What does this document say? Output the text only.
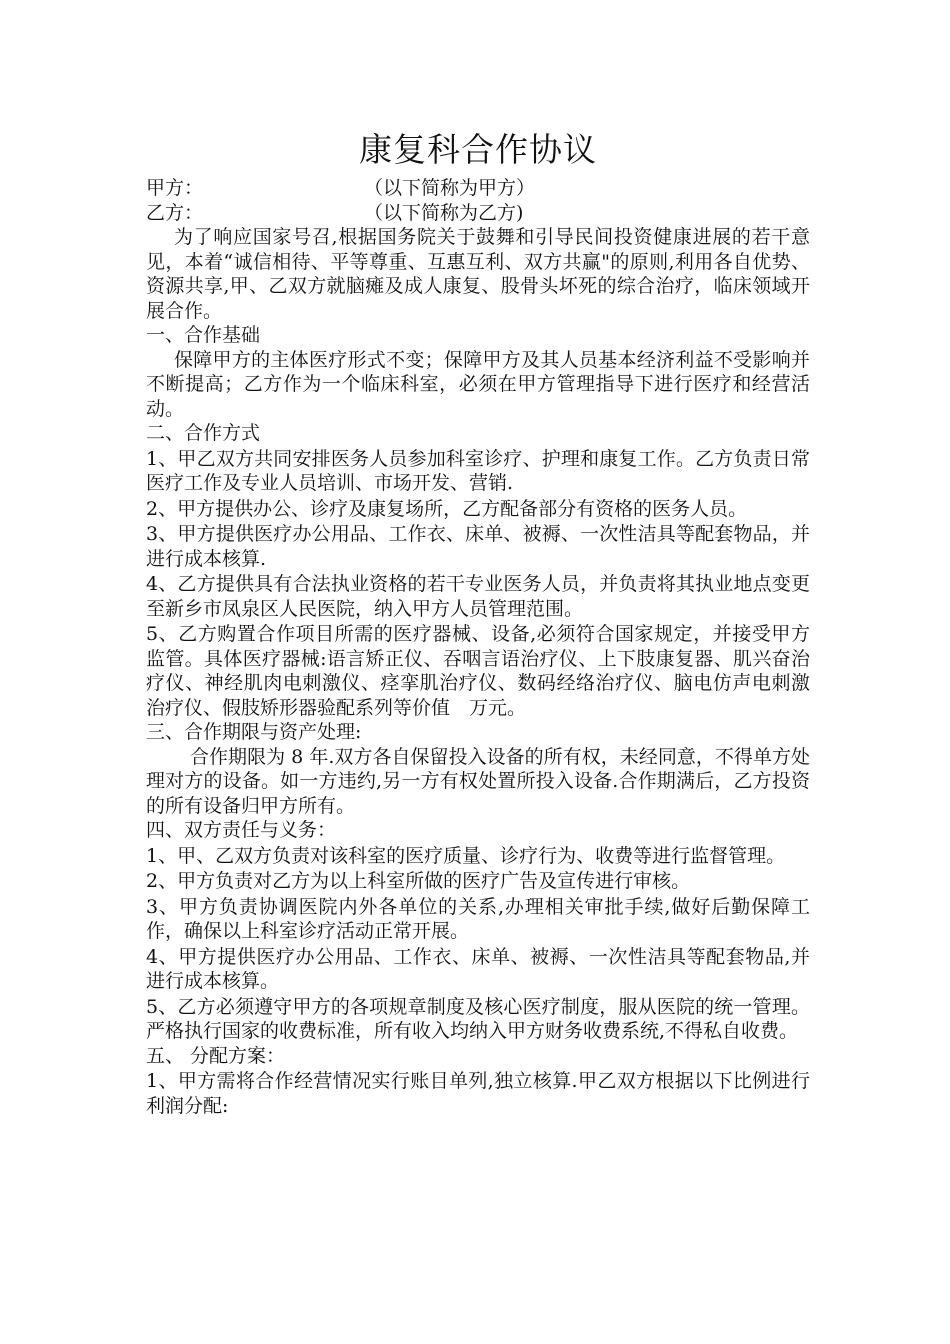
康复科合作协议
甲方：	（以下简称为甲方）
乙方：	（以下简称为乙方)

为了响应国家号召,根据国务院关于鼓舞和引导民间投资健康进展的若干意见，本着“诚信相待、平等尊重、互惠互利、双方共赢"的原则,利用各自优势、资源共享,甲、乙双方就脑瘫及成人康复、股骨头坏死的综合治疗，临床领域开展合作。

一、合作基础

保障甲方的主体医疗形式不变；保障甲方及其人员基本经济利益不受影响并不断提高；乙方作为一个临床科室，必须在甲方管理指导下进行医疗和经营活动。

二、合作方式

1、甲乙双方共同安排医务人员参加科室诊疗、护理和康复工作。乙方负责日常医疗工作及专业人员培训、市场开发、营销.

2、甲方提供办公、诊疗及康复场所，乙方配备部分有资格的医务人员。

3、甲方提供医疗办公用品、工作衣、床单、被褥、一次性洁具等配套物品，并进行成本核算.

4、乙方提供具有合法执业资格的若干专业医务人员，并负责将其执业地点变更至新乡市凤泉区人民医院，纳入甲方人员管理范围。

5、乙方购置合作项目所需的医疗器械、设备,必须符合国家规定，并接受甲方监管。具体医疗器械:语言矫正仪、吞咽言语治疗仪、上下肢康复器、肌兴奋治疗仪、神经肌肉电刺激仪、痉挛肌治疗仪、数码经络治疗仪、脑电仿声电刺激治疗仪、假肢矫形器验配系列等价值　万元。

三、合作期限与资产处理:

合作期限为 8 年.双方各自保留投入设备的所有权，未经同意，不得单方处理对方的设备。如一方违约,另一方有权处置所投入设备.合作期满后，乙方投资的所有设备归甲方所有。

四、双方责任与义务：

1、甲、乙双方负责对该科室的医疗质量、诊疗行为、收费等进行监督管理。

2、甲方负责对乙方为以上科室所做的医疗广告及宣传进行审核。

3、甲方负责协调医院内外各单位的关系,办理相关审批手续,做好后勤保障工作，确保以上科室诊疗活动正常开展。

4、甲方提供医疗办公用品、工作衣、床单、被褥、一次性洁具等配套物品,并进行成本核算。

5、乙方必须遵守甲方的各项规章制度及核心医疗制度，服从医院的统一管理。严格执行国家的收费标准，所有收入均纳入甲方财务收费系统,不得私自收费。

五、 分配方案：

1、甲方需将合作经营情况实行账目单列,独立核算.甲乙双方根据以下比例进行利润分配:
